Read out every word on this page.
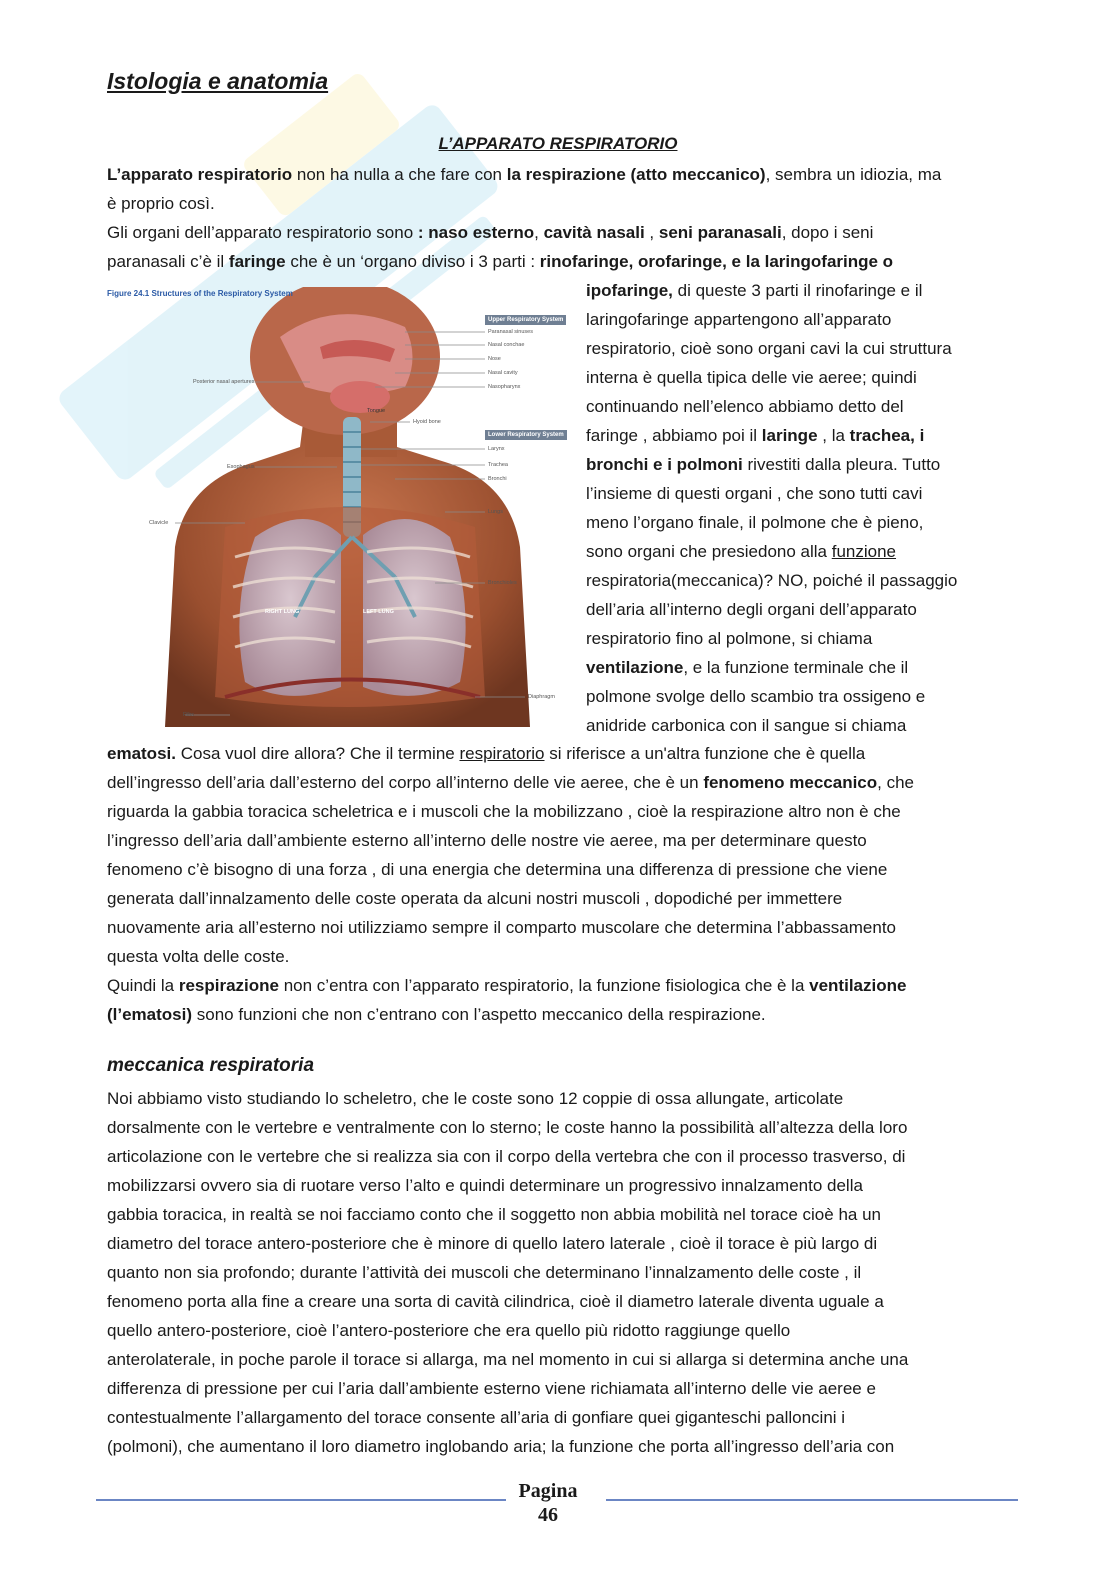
Istologia e anatomia
L’APPARATO RESPIRATORIO

L’apparato respiratorio non ha nulla a che fare con la respirazione (atto meccanico), sembra un idiozia, ma

è proprio così.

Gli organi dell’apparato respiratorio sono : naso esterno, cavità nasali , seni paranasali, dopo i seni

paranasali c’è il faringe che è un ‘organo diviso i 3 parti : rinofaringe, orofaringe, e la laringofaringe o

Figure 24.1 Structures of the Respiratory System
Upper Respiratory System
Lower Respiratory System
Paranasal sinuses
Nasal conchae
Nose
Nasal cavity
Nasopharynx
Hyoid bone
Larynx
Trachea
Bronchi
Lungs
Bronchioles
Diaphragm
Posterior nasal apertures
Tongue
Esophagus
Clavicle
Ribs
RIGHT LUNG	LEFT LUNG

ipofaringe, di queste 3 parti il rinofaringe e il

laringofaringe appartengono all’apparato

respiratorio, cioè sono organi cavi la cui struttura

interna è quella tipica delle vie aeree; quindi

continuando nell’elenco abbiamo detto del

faringe , abbiamo poi il laringe , la trachea, i

bronchi e i polmoni rivestiti dalla pleura. Tutto

l’insieme di questi organi , che sono tutti cavi

meno l’organo finale, il polmone che è pieno,

sono organi che presiedono alla funzione

respiratoria(meccanica)? NO, poiché il passaggio

dell’aria all’interno degli organi dell’apparato

respiratorio fino al polmone, si chiama

ventilazione, e la funzione terminale che il

polmone svolge dello scambio tra ossigeno e

anidride carbonica con il sangue si chiama

ematosi. Cosa vuol dire allora? Che il termine respiratorio si riferisce a un'altra funzione che è quella

dell’ingresso dell’aria dall’esterno del corpo all’interno delle vie aeree, che è un fenomeno meccanico, che

riguarda la gabbia toracica scheletrica e i muscoli che la mobilizzano , cioè la respirazione altro non è che

l’ingresso dell’aria dall’ambiente esterno all’interno delle nostre vie aeree, ma per determinare questo

fenomeno c’è bisogno di una forza , di una energia che determina una differenza di pressione che viene

generata dall’innalzamento delle coste operata da alcuni nostri muscoli , dopodiché per immettere

nuovamente aria all’esterno noi utilizziamo sempre il comparto muscolare che determina l’abbassamento

questa volta delle coste.

Quindi la respirazione non c’entra con l’apparato respiratorio, la funzione fisiologica che è la ventilazione

(l’ematosi) sono funzioni che non c’entrano con l’aspetto meccanico della respirazione.

meccanica respiratoria

Noi abbiamo visto studiando lo scheletro, che le coste sono 12 coppie di ossa allungate, articolate

dorsalmente con le vertebre e ventralmente con lo sterno; le coste hanno la possibilità all’altezza della loro

articolazione con le vertebre che si realizza sia con il corpo della vertebra che con il processo trasverso, di

mobilizzarsi ovvero sia di ruotare verso l’alto e quindi determinare un progressivo innalzamento della

gabbia toracica, in realtà se noi facciamo conto che il soggetto non abbia mobilità nel torace cioè ha un

diametro del torace antero-posteriore che è minore di quello latero laterale , cioè il torace è più largo di

quanto non sia profondo; durante l’attività dei muscoli che determinano l’innalzamento delle coste , il

fenomeno porta alla fine a creare una sorta di cavità cilindrica, cioè il diametro laterale diventa uguale a

quello antero-posteriore, cioè l’antero-posteriore che era quello più ridotto raggiunge quello

anterolaterale, in poche parole il torace si allarga, ma nel momento in cui si allarga si determina anche una

differenza di pressione per cui l’aria dall’ambiente esterno viene richiamata all’interno delle vie aeree e

contestualmente l’allargamento del torace consente all’aria di gonfiare quei giganteschi palloncini i

(polmoni), che aumentano il loro diametro inglobando aria; la funzione che porta all’ingresso dell’aria con

Pagina
46
